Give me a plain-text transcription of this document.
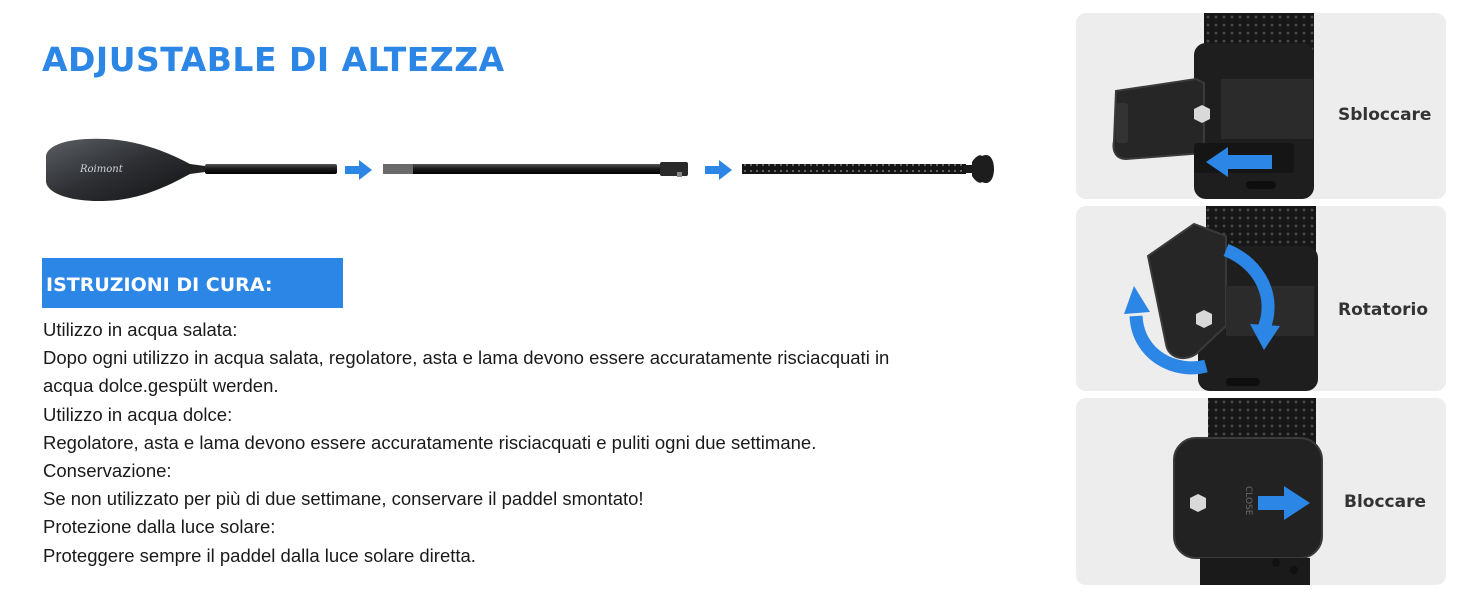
ADJUSTABLE DI ALTEZZA
Roimont
ISTRUZIONI DI CURA:

Utilizzo in acqua salata:

Dopo ogni utilizzo in acqua salata, regolatore, asta e lama devono essere accuratamente risciacquati in

acqua dolce.gespült werden.

Utilizzo in acqua dolce:

Regolatore, asta e lama devono essere accuratamente risciacquati e puliti ogni due settimane.

Conservazione:

Se non utilizzato per più di due settimane, conservare il paddel smontato!

Protezione dalla luce solare:

Proteggere sempre il paddel dalla luce solare diretta.

Sbloccare
Rotatorio
CLOSE	Bloccare
